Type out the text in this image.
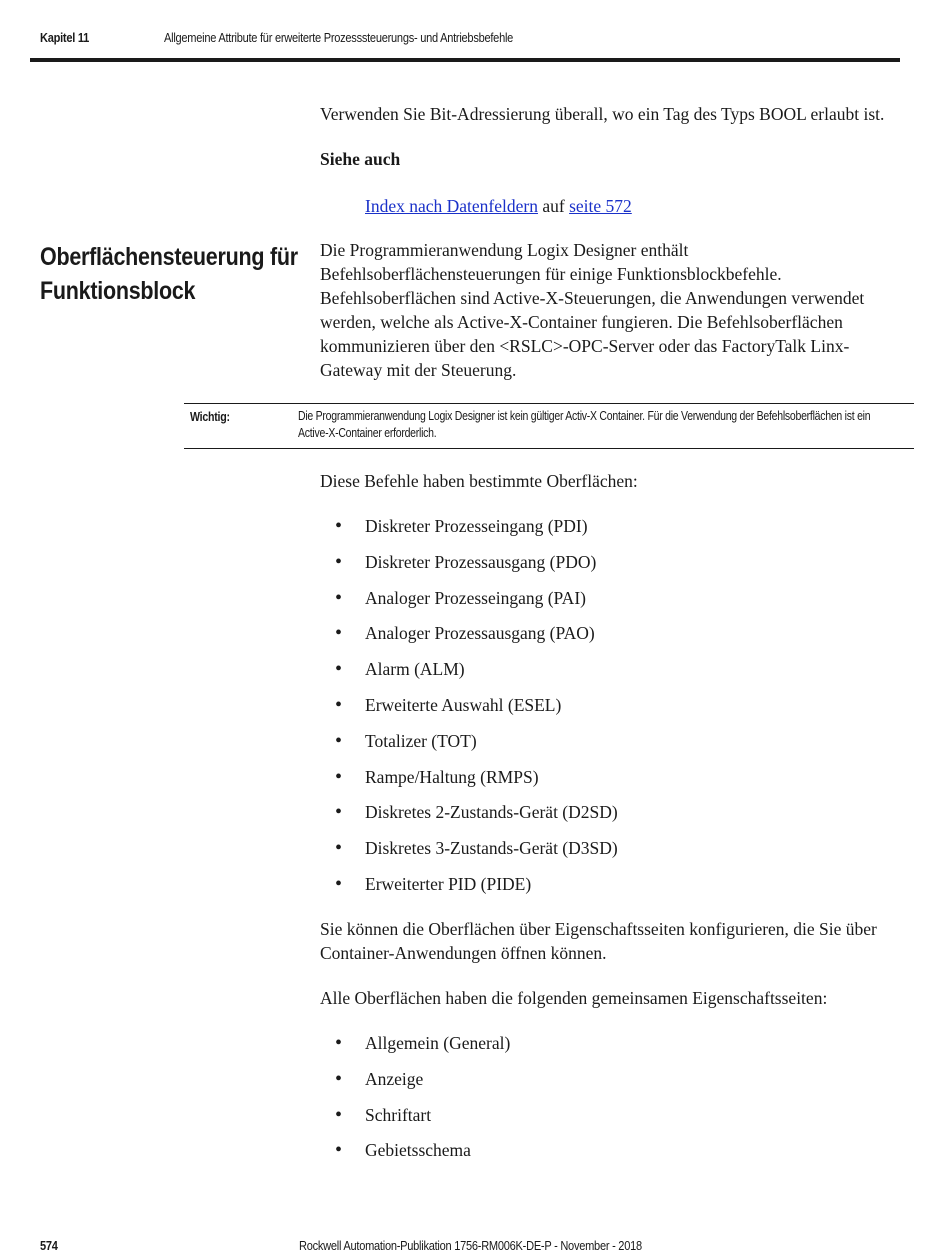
Kapitel 11	Allgemeine Attribute für erweiterte Prozesssteuerungs- und Antriebsbefehle
Verwenden Sie Bit-Adressierung überall, wo ein Tag des Typs BOOL erlaubt ist.
Siehe auch
Index nach Datenfeldern auf seite 572
Oberflächensteuerung für
Funktionsblock
Die Programmieranwendung Logix Designer enthält Befehlsoberflächensteuerungen für einige Funktionsblockbefehle. Befehlsoberflächen sind Active-X-Steuerungen, die Anwendungen verwendet werden, welche als Active-X-Container fungieren. Die Befehlsoberflächen kommunizieren über den <RSLC>-OPC-Server oder das FactoryTalk Linx-Gateway mit der Steuerung.
Wichtig:	Die Programmieranwendung Logix Designer ist kein gültiger Activ-X Container. Für die Verwendung der Befehlsoberflächen ist ein Active-X-Container erforderlich.
Diese Befehle haben bestimmte Oberflächen:
• Diskreter Prozesseingang (PDI)
• Diskreter Prozessausgang (PDO)
• Analoger Prozesseingang (PAI)
• Analoger Prozessausgang (PAO)
• Alarm (ALM)
• Erweiterte Auswahl (ESEL)
• Totalizer (TOT)
• Rampe/Haltung (RMPS)
• Diskretes 2-Zustands-Gerät (D2SD)
• Diskretes 3-Zustands-Gerät (D3SD)
• Erweiterter PID (PIDE)
Sie können die Oberflächen über Eigenschaftsseiten konfigurieren, die Sie über Container-Anwendungen öffnen können.
Alle Oberflächen haben die folgenden gemeinsamen Eigenschaftsseiten:
• Allgemein (General)
• Anzeige
• Schriftart
• Gebietsschema
574	Rockwell Automation-Publikation 1756-RM006K-DE-P - November - 2018
